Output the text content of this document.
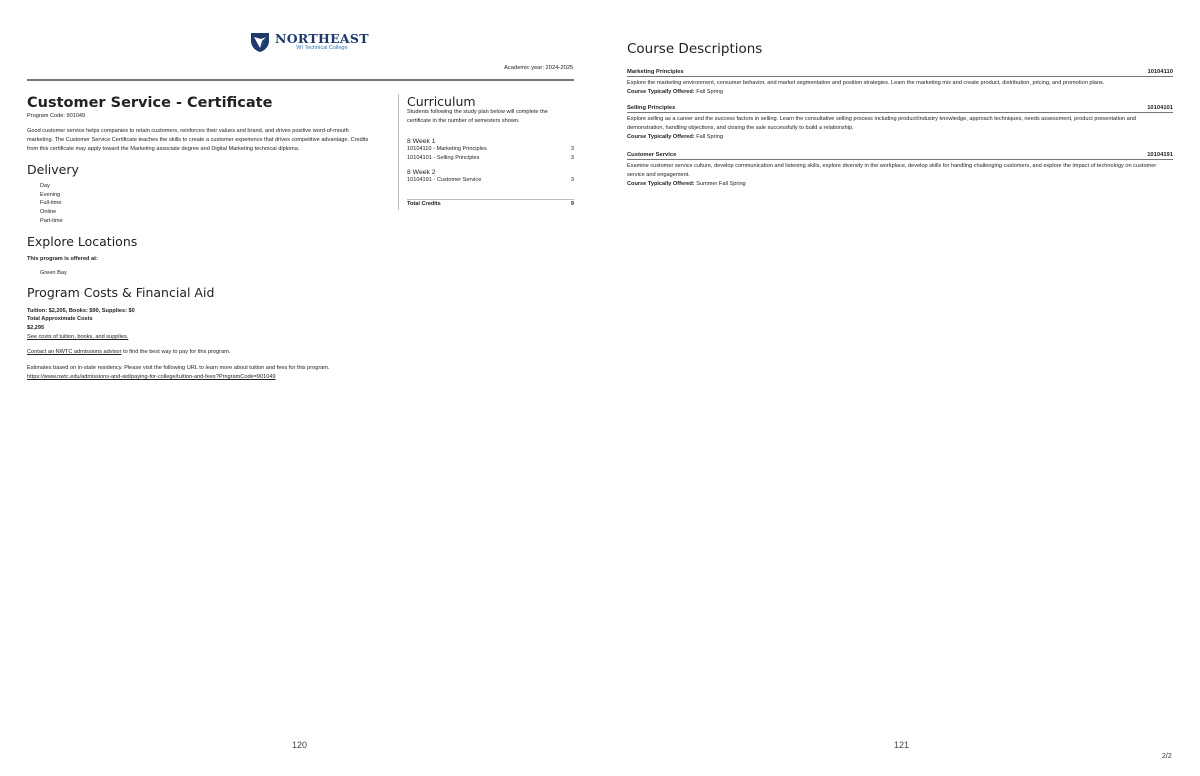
NORTHEAST
WI Technical College
Academic year: 2024-2025
Customer Service - Certificate
Program Code: 901049
Good customer service helps companies to retain customers, reinforces their values and brand, and drives positive word-of-mouth marketing. The Customer Service Certificate teaches the skills to create a customer experience that drives competitive advantage. Credits from this certificate may apply toward the Marketing associate degree and Digital Marketing technical diploma.
Delivery
Day
Evening
Full-time
Online
Part-time
Explore Locations
This program is offered at:
Green Bay
Program Costs & Financial Aid
Tuition: $2,205, Books: $90, Supplies: $0
Total Approximate Costs
$2,295
See costs of tuition, books, and supplies.
Contact an NWTC admissions advisor to find the best way to pay for this program.
Estimates based on in-state residency. Please visit the following URL to learn more about tuition and fees for this program.
https://www.nwtc.edu/admissions-and-aid/paying-for-college/tuition-and-fees?ProgramCode=901049
Curriculum
Students following the study plan below will complete the certificate in the number of semesters shown.
8 Week 1
10104110 - Marketing Principles	3
10104101 - Selling Principles	3
8 Week 2
10104191 - Customer Service	3
Total Credits	9
120
Course Descriptions
Marketing Principles	10104110
Explore the marketing environment, consumer behavior, and market segmentation and position strategies. Learn the marketing mix and create product, distribution, pricing, and promotion plans.
Course Typically Offered: Fall Spring
Selling Principles	10104101
Explore selling as a career and the success factors in selling. Learn the consultative selling process including product/industry knowledge, approach techniques, needs assessment, product presentation and demonstration, handling objections, and closing the sale successfully to build a relationship.
Course Typically Offered: Fall Spring
Customer Service	10104191
Examine customer service culture, develop communication and listening skills, explore diversity in the workplace, develop skills for handling challenging customers, and explore the impact of technology on customer service and engagement.
Course Typically Offered: Summer Fall Spring
121
2/2
